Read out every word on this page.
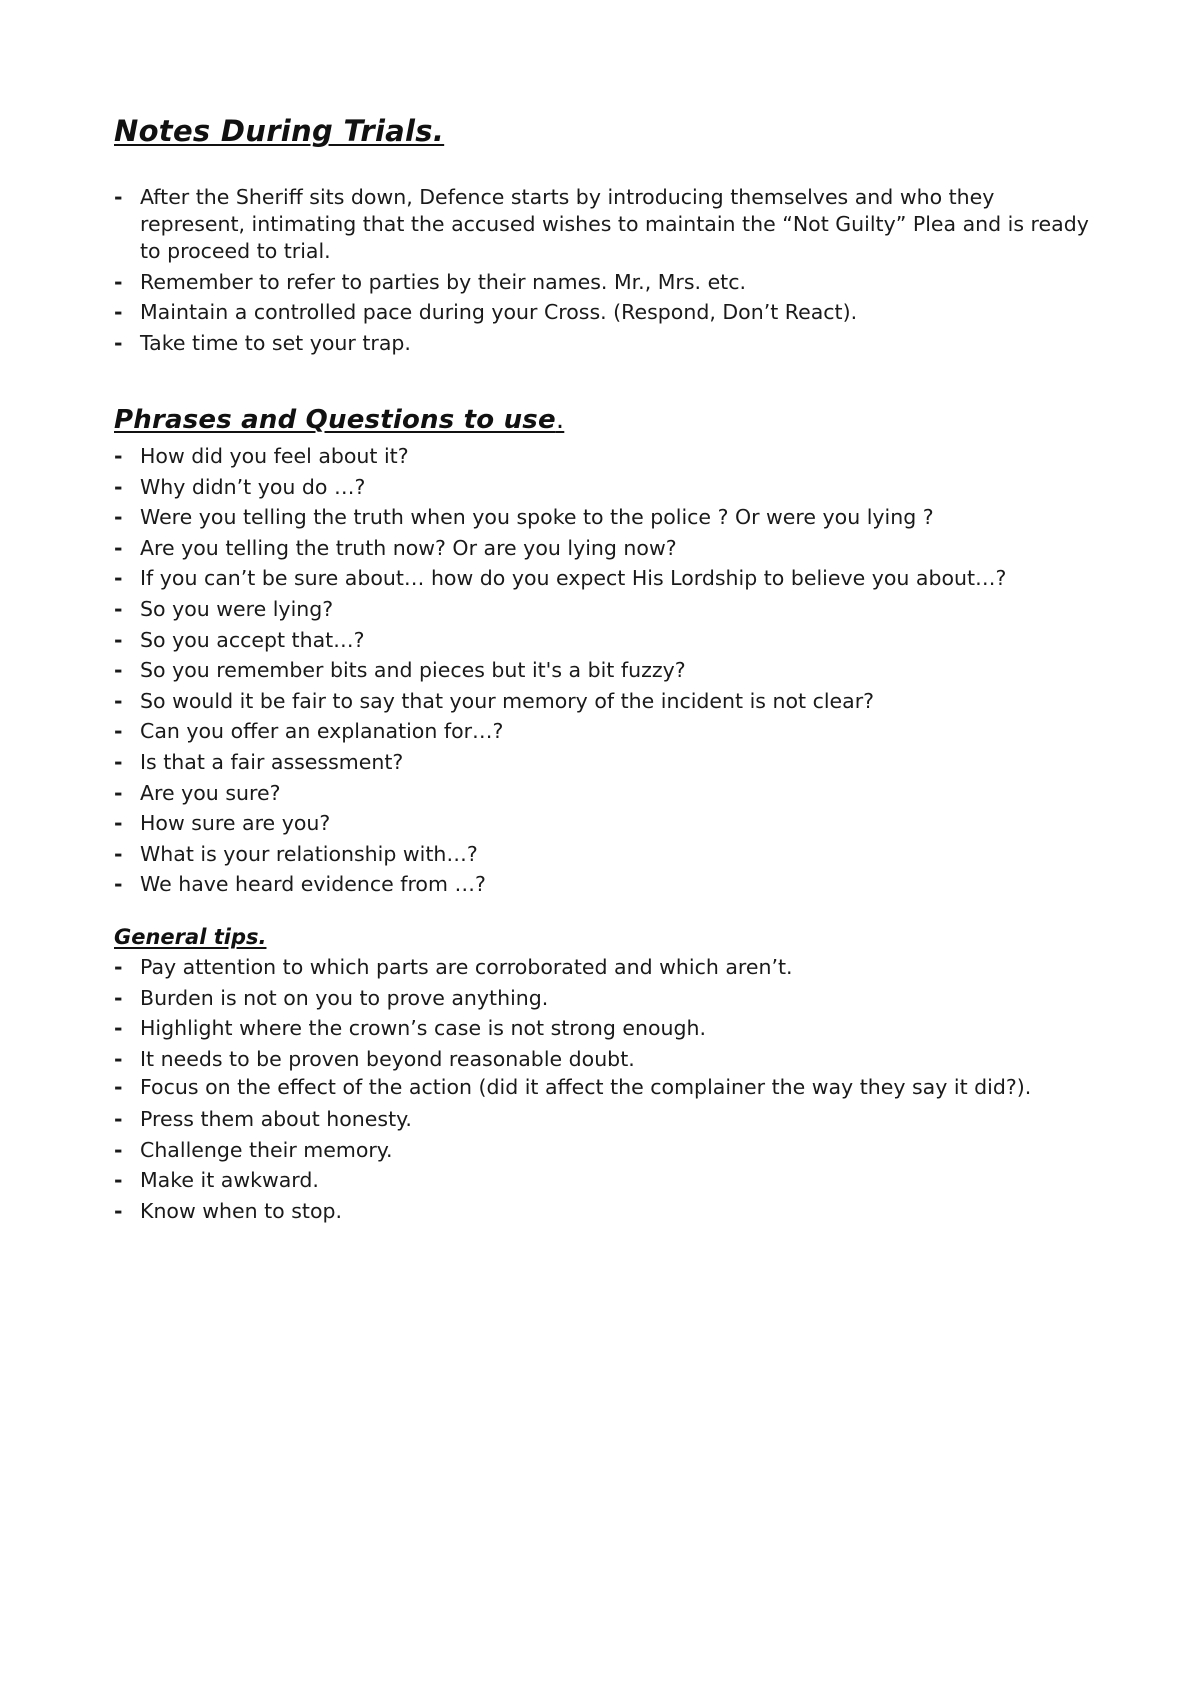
Notes During Trials.
- After the Sheriff sits down, Defence starts by introducing themselves and who they represent, intimating that the accused wishes to maintain the “Not Guilty” Plea and is ready to proceed to trial.
- Remember to refer to parties by their names. Mr., Mrs. etc.
- Maintain a controlled pace during your Cross. (Respond, Don’t React).
- Take time to set your trap.
Phrases and Questions to use.
- How did you feel about it?
- Why didn’t you do …?
- Were you telling the truth when you spoke to the police ? Or were you lying ?
- Are you telling the truth now? Or are you lying now?
- If you can’t be sure about… how do you expect His Lordship to believe you about…?
- So you were lying?
- So you accept that…?
- So you remember bits and pieces but it's a bit fuzzy?
- So would it be fair to say that your memory of the incident is not clear?
- Can you offer an explanation for…?
- Is that a fair assessment?
- Are you sure?
- How sure are you?
- What is your relationship with…?
- We have heard evidence from …?
General tips.
- Pay attention to which parts are corroborated and which aren’t.
- Burden is not on you to prove anything.
- Highlight where the crown’s case is not strong enough.
- It needs to be proven beyond reasonable doubt.
- Focus on the effect of the action (did it affect the complainer the way they say it did?).
- Press them about honesty.
- Challenge their memory.
- Make it awkward.
- Know when to stop.
